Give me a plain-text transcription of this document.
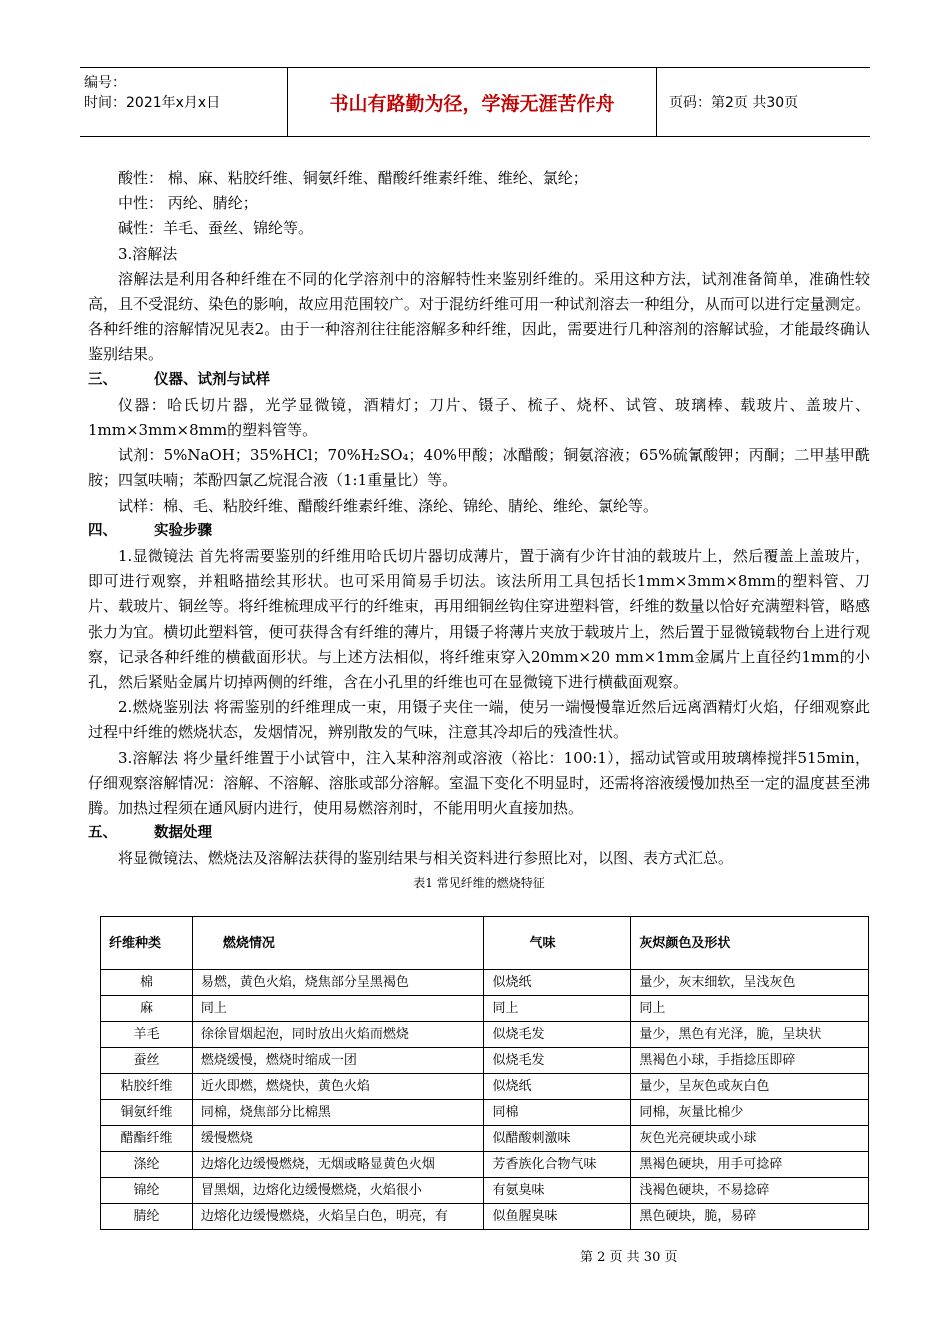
编号：
时间：2021年x月x日	书山有路勤为径，学海无涯苦作舟	页码：第2页 共30页

酸性： 棉、麻、粘胶纤维、铜氨纤维、醋酸纤维素纤维、维纶、氯纶；

中性： 丙纶、腈纶；

碱性：羊毛、蚕丝、锦纶等。

3.溶解法

溶解法是利用各种纤维在不同的化学溶剂中的溶解特性来鉴别纤维的。采用这种方法，试剂准备简单，准确性较高，且不受混纺、染色的影响，故应用范围较广。对于混纺纤维可用一种试剂溶去一种组分，从而可以进行定量测定。各种纤维的溶解情况见表2。由于一种溶剂往往能溶解多种纤维，因此，需要进行几种溶剂的溶解试验，才能最终确认鉴别结果。

三、	仪器、试剂与试样

仪器：哈氏切片器，光学显微镜，酒精灯；刀片、镊子、梳子、烧杯、试管、玻璃棒、载玻片、盖玻片、1mm×3mm×8mm的塑料管等。

试剂：5%NaOH；35%HCl；70%H₂SO₄；40%甲酸；冰醋酸；铜氨溶液；65%硫氰酸钾；丙酮；二甲基甲酰胺；四氢呋喃；苯酚四氯乙烷混合液（1:1重量比）等。

试样：棉、毛、粘胶纤维、醋酸纤维素纤维、涤纶、锦纶、腈纶、维纶、氯纶等。

四、	实验步骤

1.显微镜法 首先将需要鉴别的纤维用哈氏切片器切成薄片，置于滴有少许甘油的载玻片上，然后覆盖上盖玻片，即可进行观察，并粗略描绘其形状。也可采用简易手切法。该法所用工具包括长1mm×3mm×8mm的塑料管、刀片、载玻片、铜丝等。将纤维梳理成平行的纤维束，再用细铜丝钩住穿进塑料管，纤维的数量以恰好充满塑料管，略感张力为宜。横切此塑料管，便可获得含有纤维的薄片，用镊子将薄片夹放于载玻片上，然后置于显微镜载物台上进行观察，记录各种纤维的横截面形状。与上述方法相似，将纤维束穿入20mm×20 mm×1mm金属片上直径约1mm的小孔，然后紧贴金属片切掉两侧的纤维，含在小孔里的纤维也可在显微镜下进行横截面观察。

2.燃烧鉴别法 将需鉴别的纤维理成一束，用镊子夹住一端，使另一端慢慢靠近然后远离酒精灯火焰，仔细观察此过程中纤维的燃烧状态，发烟情况，辨别散发的气味，注意其冷却后的残渣性状。

3.溶解法 将少量纤维置于小试管中，注入某种溶剂或溶液（裕比：100:1），摇动试管或用玻璃棒搅拌515min，仔细观察溶解情况：溶解、不溶解、溶胀或部分溶解。室温下变化不明显时，还需将溶液缓慢加热至一定的温度甚至沸腾。加热过程须在通风厨内进行，使用易燃溶剂时，不能用明火直接加热。

五、	数据处理

将显微镜法、燃烧法及溶解法获得的鉴别结果与相关资料进行参照比对，以图、表方式汇总。

表1 常见纤维的燃烧特征

纤维种类	燃烧情况	气味	灰烬颜色及形状
棉	易燃，黄色火焰，烧焦部分呈黑褐色	似烧纸	量少，灰末细软，呈浅灰色
麻	同上	同上	同上
羊毛	徐徐冒烟起泡，同时放出火焰而燃烧	似烧毛发	量少，黑色有光泽，脆，呈块状
蚕丝	燃烧缓慢，燃烧时缩成一团	似烧毛发	黑褐色小球，手指捻压即碎
粘胶纤维	近火即燃，燃烧快，黄色火焰	似烧纸	量少，呈灰色或灰白色
铜氨纤维	同棉，烧焦部分比棉黑	同棉	同棉，灰量比棉少
醋酯纤维	缓慢燃烧	似醋酸刺激味	灰色光亮硬块或小球
涤纶	边熔化边缓慢燃烧，无烟或略显黄色火烟	芳香族化合物气味	黑褐色硬块，用手可捻碎
锦纶	冒黑烟，边熔化边缓慢燃烧，火焰很小	有氨臭味	浅褐色硬块，不易捻碎
腈纶	边熔化边缓慢燃烧，火焰呈白色，明亮，有	似鱼腥臭味	黑色硬块，脆，易碎
第 2 页 共 30 页
